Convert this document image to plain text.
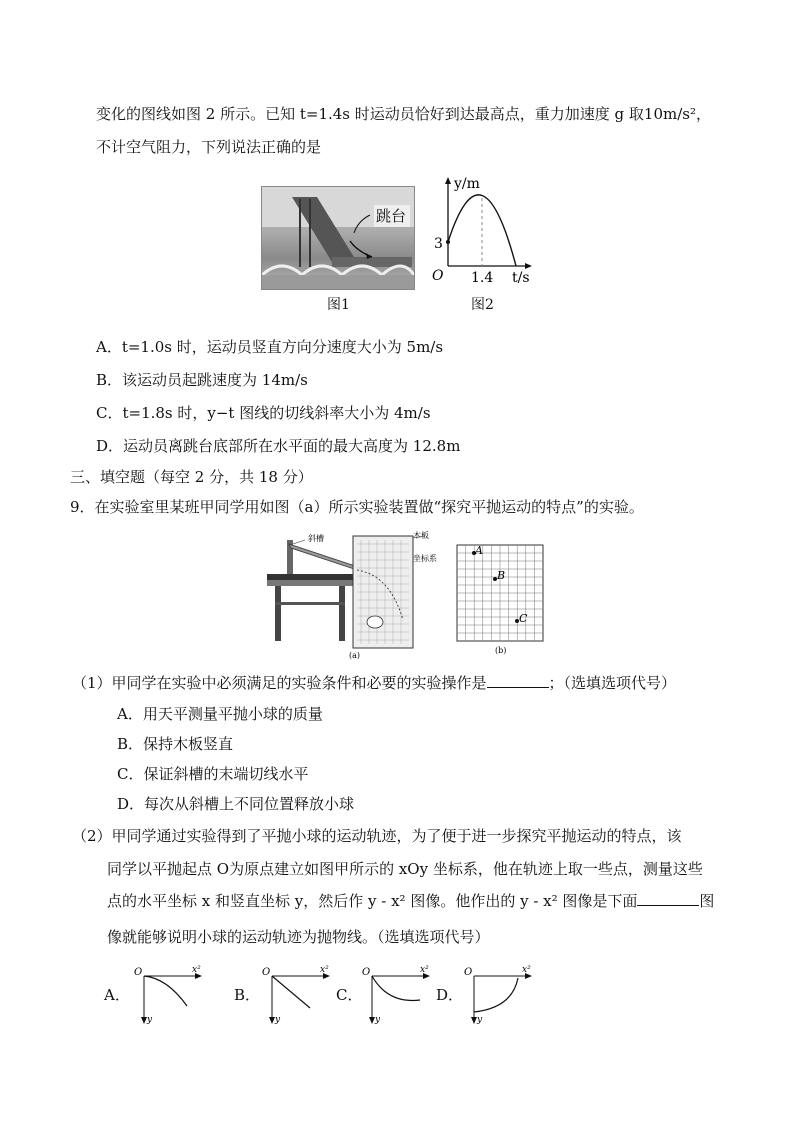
变化的图线如图 2 所示。已知 t=1.4s 时运动员恰好到达最高点，重力加速度 g 取10m/s²，
不计空气阻力，下列说法正确的是
跳台
图1
y/m
3
O 1.4 t/s
图2
A．t=1.0s 时，运动员竖直方向分速度大小为 5m/s
B．该运动员起跳速度为 14m/s
C．t=1.8s 时，y−t 图线的切线斜率大小为 4m/s
D．运动员离跳台底部所在水平面的最大高度为 12.8m
三、填空题（每空 2 分，共 18 分）
9．在实验室里某班甲同学用如图（a）所示实验装置做“探究平抛运动的特点”的实验。
斜槽	木板
坐标系
(a)
A
B
C
(b)
（1）甲同学在实验中必须满足的实验条件和必要的实验操作是	；（选填选项代号）
A．用天平测量平抛小球的质量
B．保持木板竖直
C．保证斜槽的末端切线水平
D．每次从斜槽上不同位置释放小球
（2）甲同学通过实验得到了平抛小球的运动轨迹，为了便于进一步探究平抛运动的特点，该
同学以平抛起点 O为原点建立如图甲所示的 xOy 坐标系，他在轨迹上取一些点，测量这些
点的水平坐标 x 和竖直坐标 y，然后作 y - x² 图像。他作出的 y - x² 图像是下面	图
像就能够说明小球的运动轨迹为抛物线。（选填选项代号）
A．
O	x²
y
B．
O	x²
y
C．
O	x²
y
D．
O	x²
y
